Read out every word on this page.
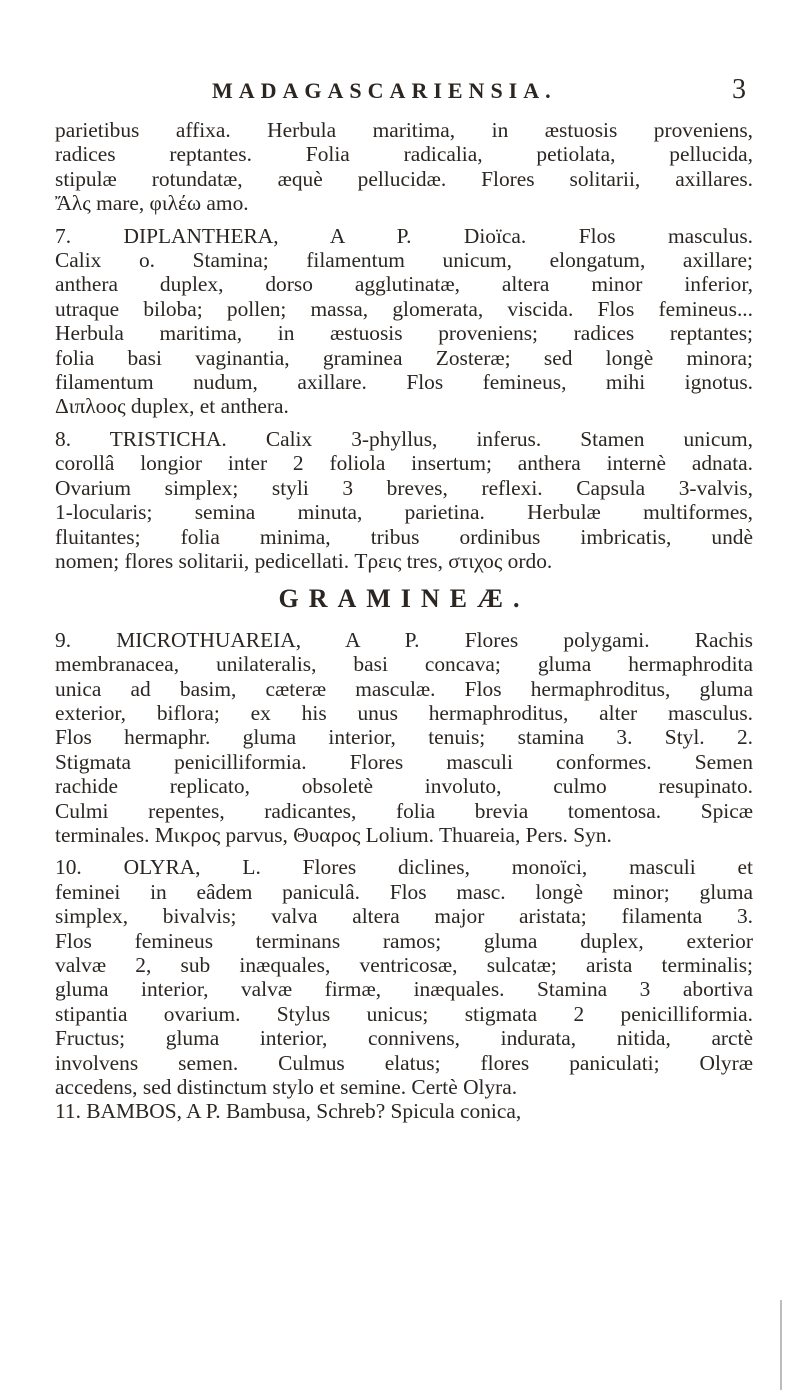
MADAGASCARIENSIA.	3
parietibus affixa. Herbula maritima, in æstuosis proveniens,
radices reptantes. Folia radicalia, petiolata, pellucida,
stipulæ rotundatæ, æquè pellucidæ. Flores solitarii, axillares.
Ἄλς mare, φιλέω amo.
7. DIPLANTHERA, A P. Dioïca. Flos masculus.
Calix o. Stamina; filamentum unicum, elongatum, axillare;
anthera duplex, dorso agglutinatæ, altera minor inferior,
utraque biloba; pollen; massa, glomerata, viscida. Flos femineus...
Herbula maritima, in æstuosis proveniens; radices reptantes;
folia basi vaginantia, graminea Zosteræ; sed longè minora;
filamentum nudum, axillare. Flos femineus, mihi ignotus.
Διπλοος duplex, et anthera.
8. TRISTICHA. Calix 3-phyllus, inferus. Stamen unicum,
corollâ longior inter 2 foliola insertum; anthera internè adnata.
Ovarium simplex; styli 3 breves, reflexi. Capsula 3-valvis,
1-locularis; semina minuta, parietina. Herbulæ multiformes,
fluitantes; folia minima, tribus ordinibus imbricatis, undè
nomen; flores solitarii, pedicellati. Τρεις tres, στιχος ordo.
GRAMINEÆ.
9. MICROTHUAREIA, A P. Flores polygami. Rachis
membranacea, unilateralis, basi concava; gluma hermaphrodita
unica ad basim, cæteræ masculæ. Flos hermaphroditus, gluma
exterior, biflora; ex his unus hermaphroditus, alter masculus.
Flos hermaphr. gluma interior, tenuis; stamina 3. Styl. 2.
Stigmata penicilliformia. Flores masculi conformes. Semen
rachide replicato, obsoletè involuto, culmo resupinato.
Culmi repentes, radicantes, folia brevia tomentosa. Spicæ
terminales. Μικρος parvus, Θυαρος Lolium. Thuareia, Pers. Syn.
10. OLYRA, L. Flores diclines, monoïci, masculi et
feminei in eâdem paniculâ. Flos masc. longè minor; gluma
simplex, bivalvis; valva altera major aristata; filamenta 3.
Flos femineus terminans ramos; gluma duplex, exterior
valvæ 2, sub inæquales, ventricosæ, sulcatæ; arista terminalis;
gluma interior, valvæ firmæ, inæquales. Stamina 3 abortiva
stipantia ovarium. Stylus unicus; stigmata 2 penicilliformia.
Fructus; gluma interior, connivens, indurata, nitida, arctè
involvens semen. Culmus elatus; flores paniculati; Olyræ
accedens, sed distinctum stylo et semine. Certè Olyra.
11. BAMBOS, A P. Bambusa, Schreb? Spicula conica,
